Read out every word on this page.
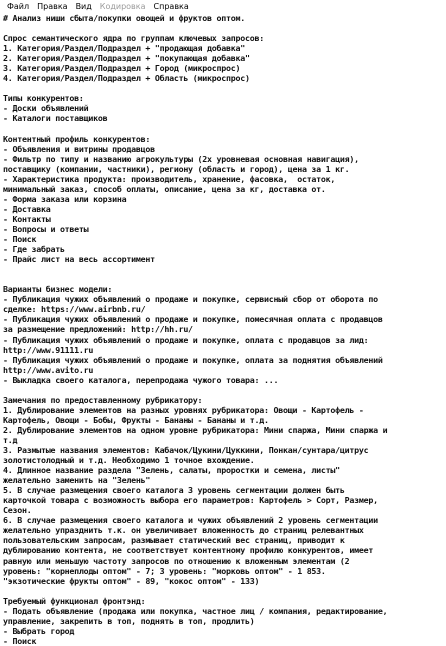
Файл	Правка	Вид	Кодировка	Справка
# Анализ ниши сбыта/покупки овощей и фруктов оптом.
Спрос семантического ядра по группам ключевых запросов:
1. Категория/Раздел/Подраздел + "продающая добавка"
2. Категория/Раздел/Подраздел + "покупающая добавка"
3. Категория/Раздел/Подраздел + Город (микроспрос)
4. Категория/Раздел/Подраздел + Область (микроспрос)
Типы конкурентов:
- Доски объявлений
- Каталоги поставщиков
Контентный профиль конкурентов:
- Объявления и витрины продавцов
- Фильтр по типу и названию агрокультуры (2х уровневая основная навигация),
поставщику (компании, частники), региону (область и город), цена за 1 кг.
- Характеристика продукта: производитель, хранение, фасовка,  остаток,
минимальный заказ, способ оплаты, описание, цена за кг, доставка от.
- Форма заказа или корзина
- Доставка
- Контакты
- Вопросы и ответы
- Поиск
- Где забрать
- Прайс лист на весь ассортимент
Варианты бизнес модели:
- Публикация чужих объявлений о продаже и покупке, сервисный сбор от оборота по
сделке: https://www.airbnb.ru/
- Публикация чужих объявлений о продаже и покупке, помесячная оплата с продавцов
за размещение предложений: http://hh.ru/
- Публикация чужих объявлений о продаже и покупке, оплата с продавцов за лид:
http://www.91111.ru
- Публикация чужих объявлений о продаже и покупке, оплата за поднятия объявлений
http://www.avito.ru
- Выкладка своего каталога, перепродажа чужого товара: ...
Замечания по предоставленному рубрикатору:
1. Дублирование элементов на разных уровнях рубрикатора: Овощи - Картофель -
Картофель, Овощи - Бобы, Фрукты - Бананы - Бананы и т.д.
2. Дублирование элементов на одном уровне рубрикатора: Мини спаржа, Мини спаржа и
т.д
3. Размытые названия элементов: Кабачок/Цукини/Цуккини, Понкан/сунтара/цитрус
золотистолодный и т.д. Необходимо 1 точное вхождение.
4. Длинное название раздела "Зелень, салаты, проростки и семена, листы"
желательно заменить на "Зелень"
5. В случае размещения своего каталога 3 уровень сегментации должен быть
карточкой товара с возможность выбора его параметров: Картофель > Сорт, Размер,
Сезон.
6. В случае размещения своего каталога и чужих объявлений 2 уровень сегментации
желательно упразднить т.к. он увеличивает вложенность до страниц релевантных
пользовательским запросам, размывает статический вес страниц, приводит к
дублированию контента, не соответствует контентному профилю конкурентов, имеет
равную или меньшую частоту запросов по отношению к вложенным элементам (2
уровень: "корнеплоды оптом" - 7; 3 уровень: "морковь оптом" - 1 853.
"экзотические фрукты оптом" - 89, "кокос оптом" - 133)
Требуемый функционал фронтэнд:
- Подать объявление (продажа или покупка, частное лиц / компания, редактирование,
управление, закрепить в топ, поднять в топ, продлить)
- Выбрать город
- Поиск
